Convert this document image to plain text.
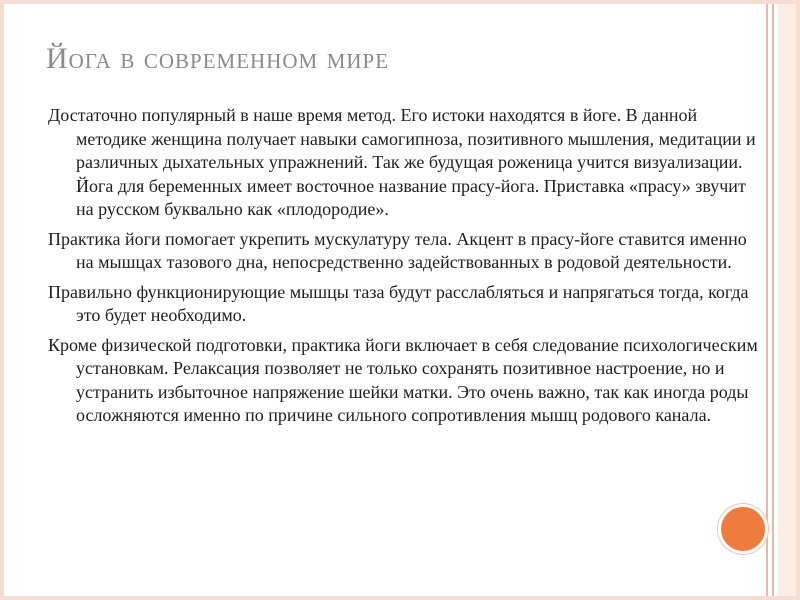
Йога в современном мире

Достаточно популярный в наше время метод. Его истоки находятся в йоге. В данной методике женщина получает навыки самогипноза, позитивного мышления, медитации и различных дыхательных упражнений. Так же будущая роженица учится визуализации. Йога для беременных имеет восточное название прасу-йога. Приставка «прасу» звучит на русском буквально как «плодородие».

Практика йоги помогает укрепить мускулатуру тела. Акцент в прасу-йоге ставится именно на мышцах тазового дна, непосредственно задействованных в родовой деятельности.

Правильно функционирующие мышцы таза будут расслабляться и напрягаться тогда, когда это будет необходимо.

Кроме физической подготовки, практика йоги включает в себя следование психологическим установкам. Релаксация позволяет не только сохранять позитивное настроение, но и устранить избыточное напряжение шейки матки. Это очень важно, так как иногда роды осложняются именно по причине сильного сопротивления мышц родового канала.
